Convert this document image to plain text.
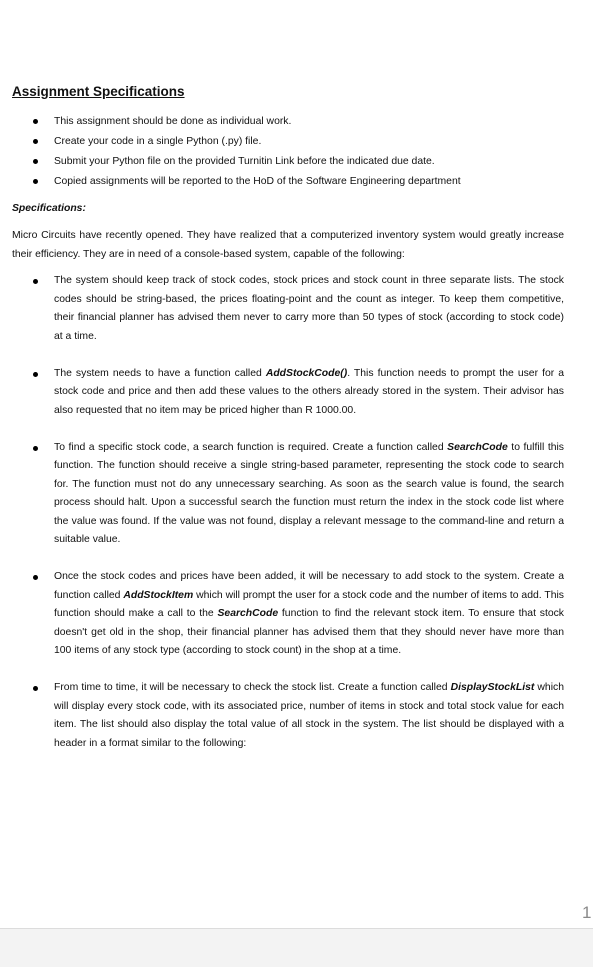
Assignment Specifications
This assignment should be done as individual work.
Create your code in a single Python (.py) file.
Submit your Python file on the provided Turnitin Link before the indicated due date.
Copied assignments will be reported to the HoD of the Software Engineering department
Specifications:

Micro Circuits have recently opened. They have realized that a computerized inventory system would greatly increase their efficiency. They are in need of a console-based system, capable of the following:

The system should keep track of stock codes, stock prices and stock count in three separate lists. The stock codes should be string-based, the prices floating-point and the count as integer. To keep them competitive, their financial planner has advised them never to carry more than 50 types of stock (according to stock code) at a time.
The system needs to have a function called AddStockCode(). This function needs to prompt the user for a stock code and price and then add these values to the others already stored in the system. Their advisor has also requested that no item may be priced higher than R 1000.00.
To find a specific stock code, a search function is required. Create a function called SearchCode to fulfill this function. The function should receive a single string-based parameter, representing the stock code to search for. The function must not do any unnecessary searching. As soon as the search value is found, the search process should halt. Upon a successful search the function must return the index in the stock code list where the value was found. If the value was not found, display a relevant message to the command-line and return a suitable value.
Once the stock codes and prices have been added, it will be necessary to add stock to the system. Create a function called AddStockItem which will prompt the user for a stock code and the number of items to add. This function should make a call to the SearchCode function to find the relevant stock item. To ensure that stock doesn't get old in the shop, their financial planner has advised them that they should never have more than 100 items of any stock type (according to stock count) in the shop at a time.
From time to time, it will be necessary to check the stock list. Create a function called DisplayStockList which will display every stock code, with its associated price, number of items in stock and total stock value for each item. The list should also display the total value of all stock in the system. The list should be displayed with a header in a format similar to the following:
1
